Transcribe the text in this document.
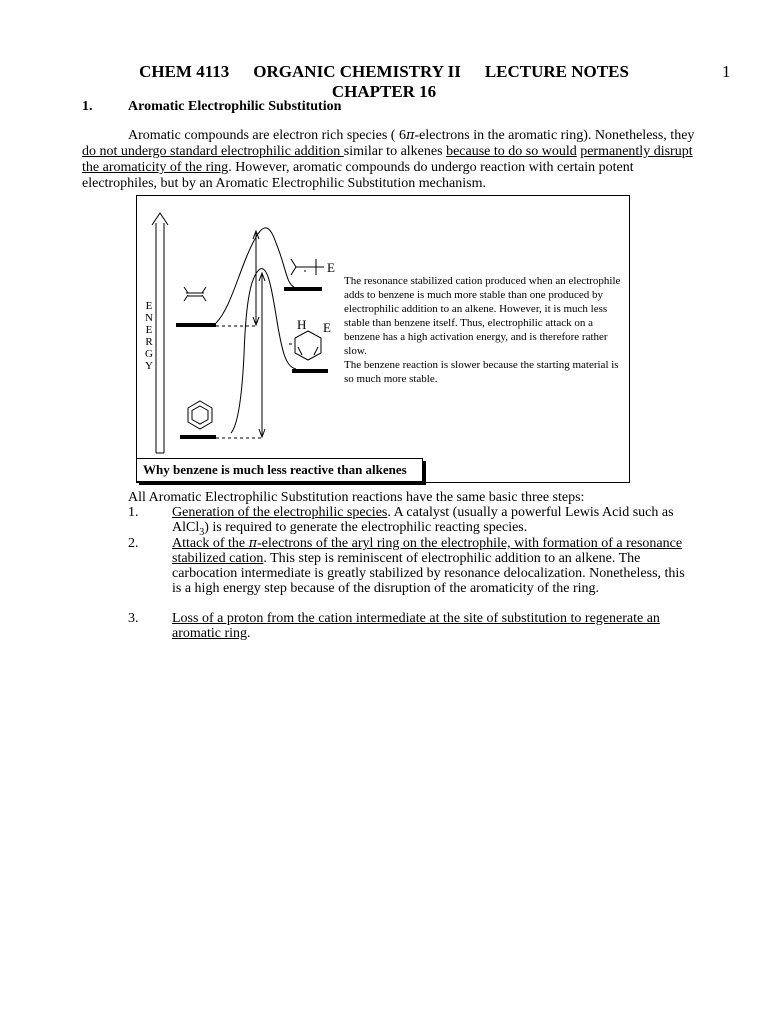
1
CHEM 4113 ORGANIC CHEMISTRY II LECTURE NOTES
CHAPTER 16
1.	Aromatic Electrophilic Substitution
Aromatic compounds are electron rich species ( 6π-electrons in the aromatic ring). Nonetheless, they do not undergo standard electrophilic addition similar to alkenes because to do so would permanently disrupt the aromaticity of the ring. However, aromatic compounds do undergo reaction with certain potent electrophiles, but by an Aromatic Electrophilic Substitution mechanism.
E
H E
E
N
E
R
G
Y
The resonance stabilized cation produced when an electrophile adds to benzene is much more stable than one produced by electrophilic addition to an alkene. However, it is much less stable than benzene itself. Thus, electrophilic attack on a benzene has a high activation energy, and is therefore rather slow.
The benzene reaction is slower because the starting material is so much more stable.
Why benzene is much less reactive than alkenes
All Aromatic Electrophilic Substitution reactions have the same basic three steps:
1. Generation of the electrophilic species. A catalyst (usually a powerful Lewis Acid such as AlCl$_3$) is required to generate the electrophilic reacting species.
2. Attack of the π-electrons of the aryl ring on the electrophile, with formation of a resonance stabilized cation. This step is reminiscent of electrophilic addition to an alkene. The carbocation intermediate is greatly stabilized by resonance delocalization. Nonetheless, this is a high energy step because of the disruption of the aromaticity of the ring.
3. Loss of a proton from the cation intermediate at the site of substitution to regenerate an aromatic ring.
